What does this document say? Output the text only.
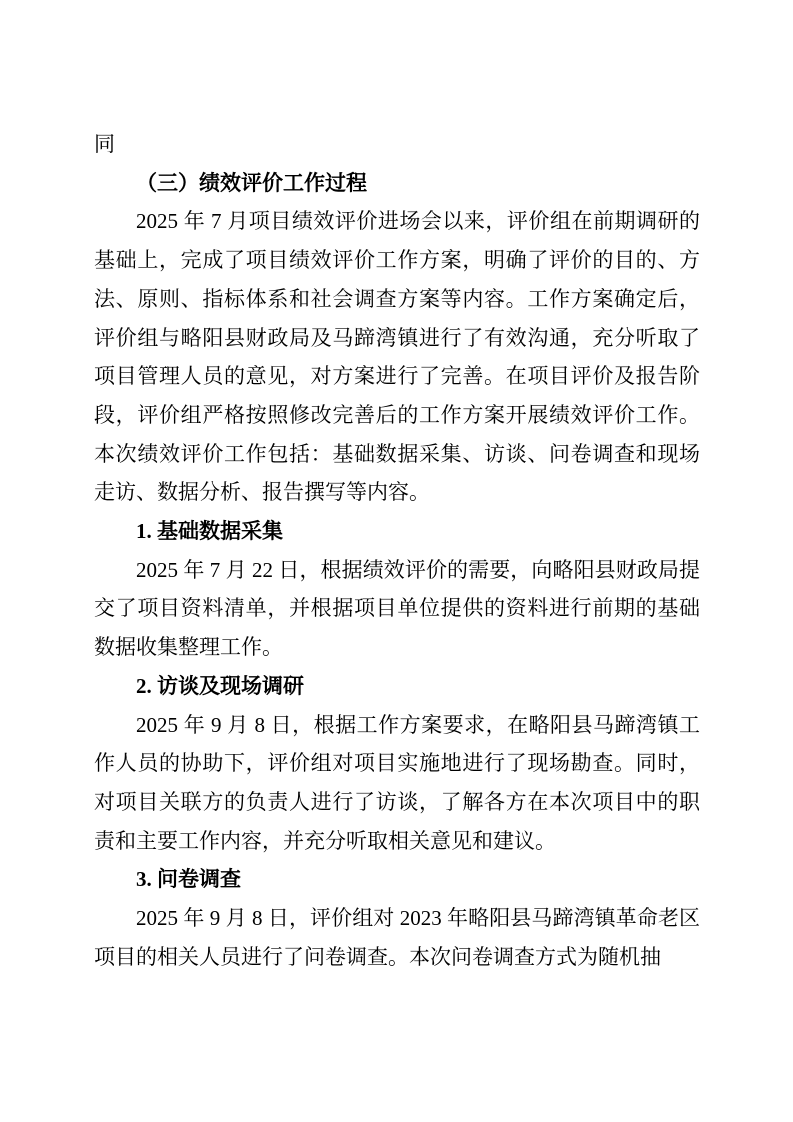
同

（三）绩效评价工作过程

2025 年 7 月项目绩效评价进场会以来，评价组在前期调研的基础上，完成了项目绩效评价工作方案，明确了评价的目的、方法、原则、指标体系和社会调查方案等内容。工作方案确定后，评价组与略阳县财政局及马蹄湾镇进行了有效沟通，充分听取了项目管理人员的意见，对方案进行了完善。在项目评价及报告阶段，评价组严格按照修改完善后的工作方案开展绩效评价工作。本次绩效评价工作包括：基础数据采集、访谈、问卷调查和现场走访、数据分析、报告撰写等内容。

1. 基础数据采集

2025 年 7 月 22 日，根据绩效评价的需要，向略阳县财政局提交了项目资料清单，并根据项目单位提供的资料进行前期的基础数据收集整理工作。

2. 访谈及现场调研

2025 年 9 月 8 日，根据工作方案要求，在略阳县马蹄湾镇工作人员的协助下，评价组对项目实施地进行了现场勘查。同时，对项目关联方的负责人进行了访谈，了解各方在本次项目中的职责和主要工作内容，并充分听取相关意见和建议。

3. 问卷调查

2025 年 9 月 8 日，评价组对 2023 年略阳县马蹄湾镇革命老区项目的相关人员进行了问卷调查。本次问卷调查方式为随机抽
